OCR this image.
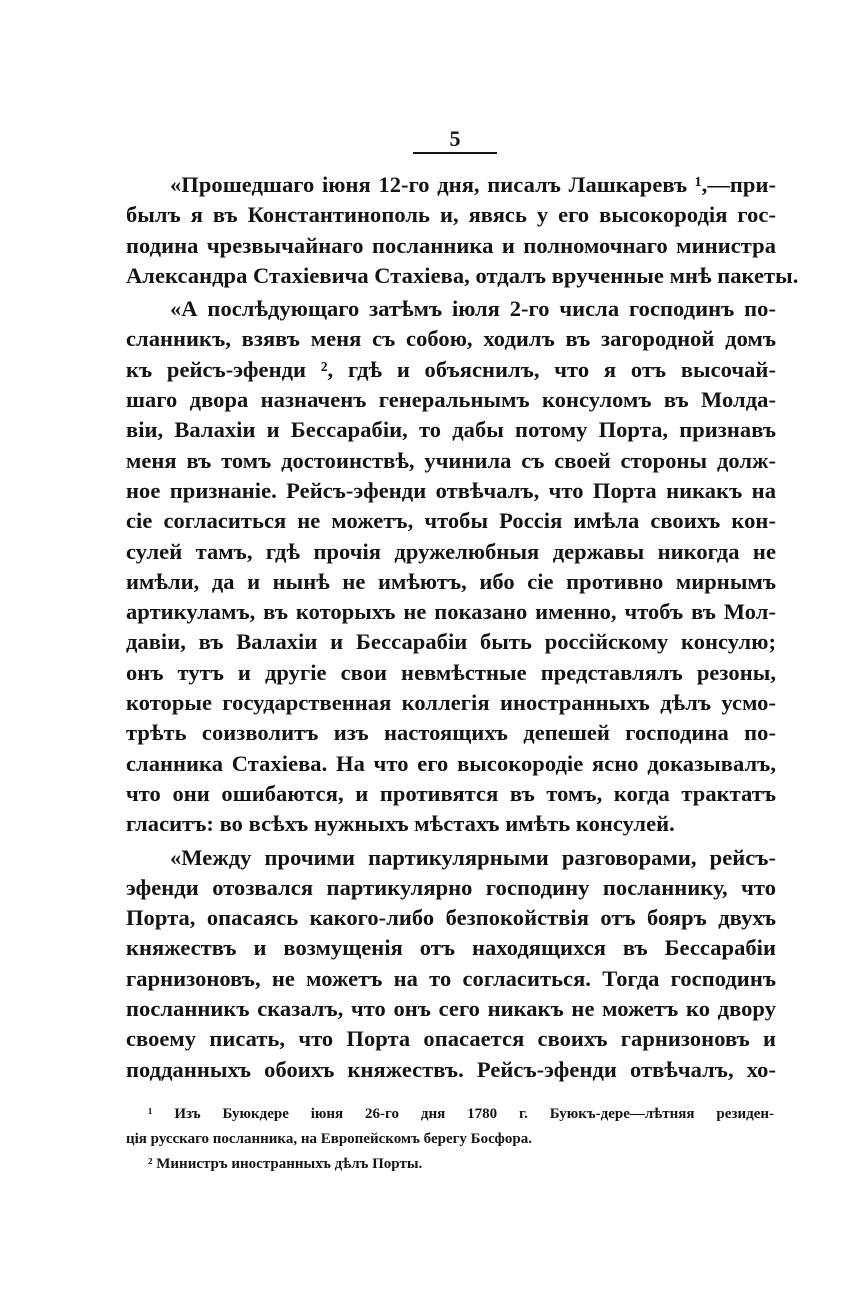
5
«Прошедшаго іюня 12-го дня, писалъ Лашкаревъ ¹,—при-
былъ я въ Константинополь и, явясь у его высокородія гос-
подина чрезвычайнаго посланника и полномочнаго министра
Александра Стахіевича Стахіева, отдалъ врученные мнѣ пакеты.
«А послѣдующаго затѣмъ іюля 2-го числа господинъ по-
сланникъ, взявъ меня съ собою, ходилъ въ загородной домъ
къ рейсъ-эфенди ², гдѣ и объяснилъ, что я отъ высочай-
шаго двора назначенъ генеральнымъ консуломъ въ Молда-
віи, Валахіи и Бессарабіи, то дабы потому Порта, признавъ
меня въ томъ достоинствѣ, учинила съ своей стороны долж-
ное признаніе. Рейсъ-эфенди отвѣчалъ, что Порта никакъ на
сіе согласиться не можетъ, чтобы Россія имѣла своихъ кон-
сулей тамъ, гдѣ прочія дружелюбныя державы никогда не
имѣли, да и нынѣ не имѣютъ, ибо сіе противно мирнымъ
артикуламъ, въ которыхъ не показано именно, чтобъ въ Мол-
давіи, въ Валахіи и Бессарабіи быть россійскому консулю;
онъ тутъ и другіе свои невмѣстные представлялъ резоны,
которые государственная коллегія иностранныхъ дѣлъ усмо-
трѣть соизволитъ изъ настоящихъ депешей господина по-
сланника Стахіева. На что его высокородіе ясно доказывалъ,
что они ошибаются, и противятся въ томъ, когда трактатъ
гласитъ: во всѣхъ нужныхъ мѣстахъ имѣть консулей.
«Между прочими партикулярными разговорами, рейсъ-
эфенди отозвался партикулярно господину посланнику, что
Порта, опасаясь какого-либо безпокойствія отъ бояръ двухъ
княжествъ и возмущенія отъ находящихся въ Бессарабіи
гарнизоновъ, не можетъ на то согласиться. Тогда господинъ
посланникъ сказалъ, что онъ сего никакъ не можетъ ко двору
своему писать, что Порта опасается своихъ гарнизоновъ и
подданныхъ обоихъ княжествъ. Рейсъ-эфенди отвѣчалъ, хо-
¹ Изъ Буюкдере іюня 26-го дня 1780 г. Буюкъ-дере—лѣтняя резиден-
ція русскаго посланника, на Европейскомъ берегу Босфора.
² Министръ иностранныхъ дѣлъ Порты.
